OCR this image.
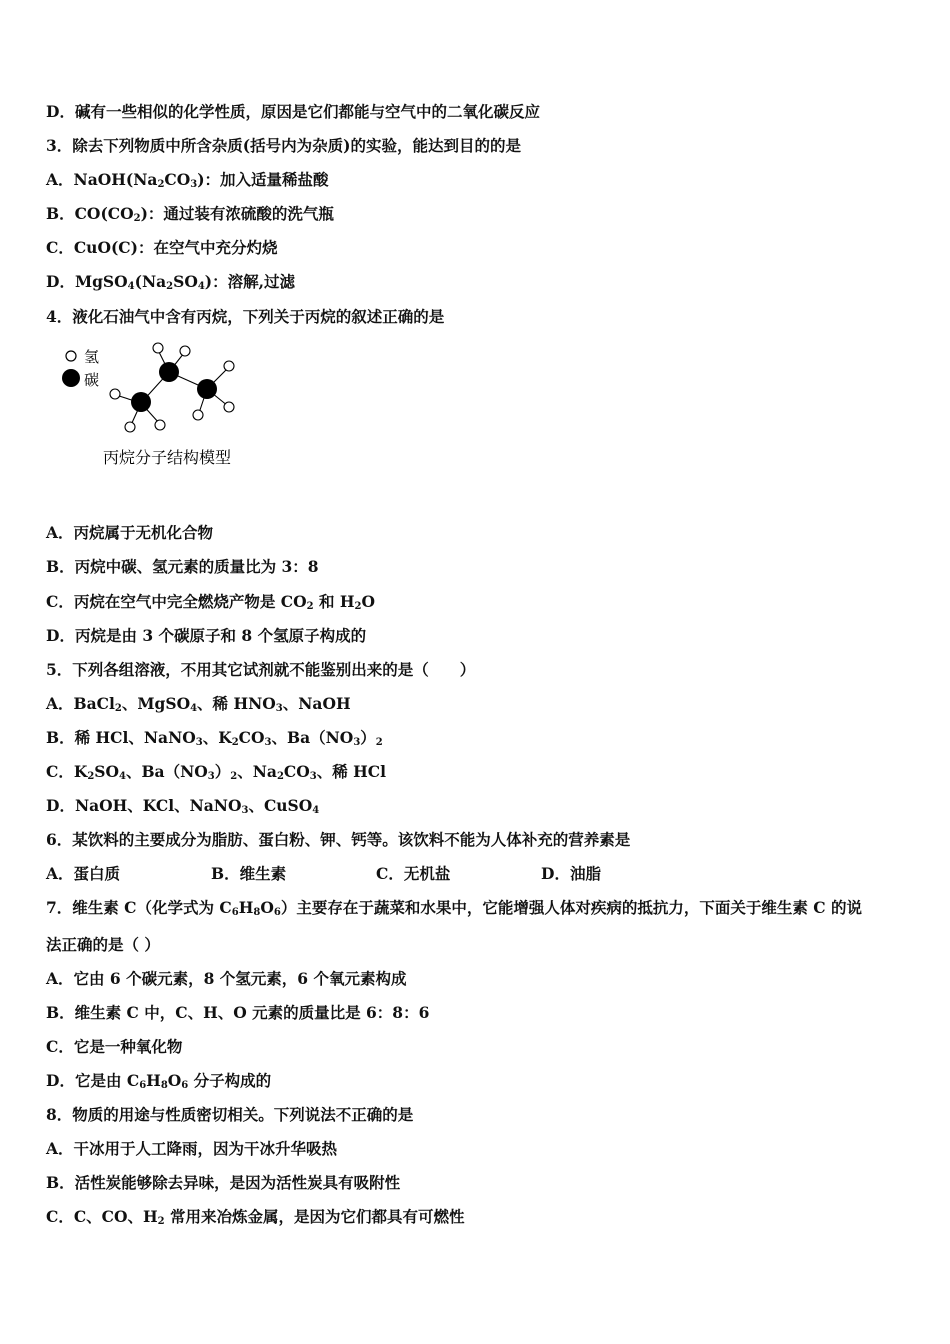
D．碱有一些相似的化学性质，原因是它们都能与空气中的二氧化碳反应
3．除去下列物质中所含杂质(括号内为杂质)的实验，能达到目的的是
A．$NaOH(Na_2CO_3)$：加入适量稀盐酸
B．$CO(CO_2)$：通过装有浓硫酸的洗气瓶
C．CuO(C)：在空气中充分灼烧
D．$MgSO_4(Na_2SO_4)$：溶解,过滤
4．液化石油气中含有丙烷，下列关于丙烷的叙述正确的是
氢
碳
丙烷分子结构模型
A．丙烷属于无机化合物
B．丙烷中碳、氢元素的质量比为 3：8
C．丙烷在空气中完全燃烧产物是 $CO_2$ 和 $H_2O$
D．丙烷是由 3 个碳原子和 8 个氢原子构成的
5．下列各组溶液，不用其它试剂就不能鉴别出来的是（　　）
A．BaCl$_2$、MgSO$_4$、稀 $HNO_3$、NaOH
B．稀 HCl、NaNO$_3$、$K_2CO_3$、$Ba(NO_3)_2$
C．$K_2SO_4$、$Ba(NO_3)_2$、$Na_2CO_3$、稀 HCl
D．NaOH、KCl、NaNO$_3$、CuSO$_4$
6．某饮料的主要成分为脂肪、蛋白粉、钾、钙等。该饮料不能为人体补充的营养素是
A．蛋白质	B．维生素	C．无机盐	D．油脂
7．维生素 C（化学式为 $C_6H_8O_6$）主要存在于蔬菜和水果中，它能增强人体对疾病的抵抗力，下面关于维生素 C 的说
法正确的是（ ）
A．它由 6 个碳元素，8 个氢元素，6 个氧元素构成
B．维生素 C 中，C、H、O 元素的质量比是 6：8：6
C．它是一种氧化物
D．它是由 $C_6H_8O_6$ 分子构成的
8．物质的用途与性质密切相关。下列说法不正确的是
A．干冰用于人工降雨，因为干冰升华吸热
B．活性炭能够除去异味，是因为活性炭具有吸附性
C．C、CO、$H_2$ 常用来冶炼金属，是因为它们都具有可燃性
